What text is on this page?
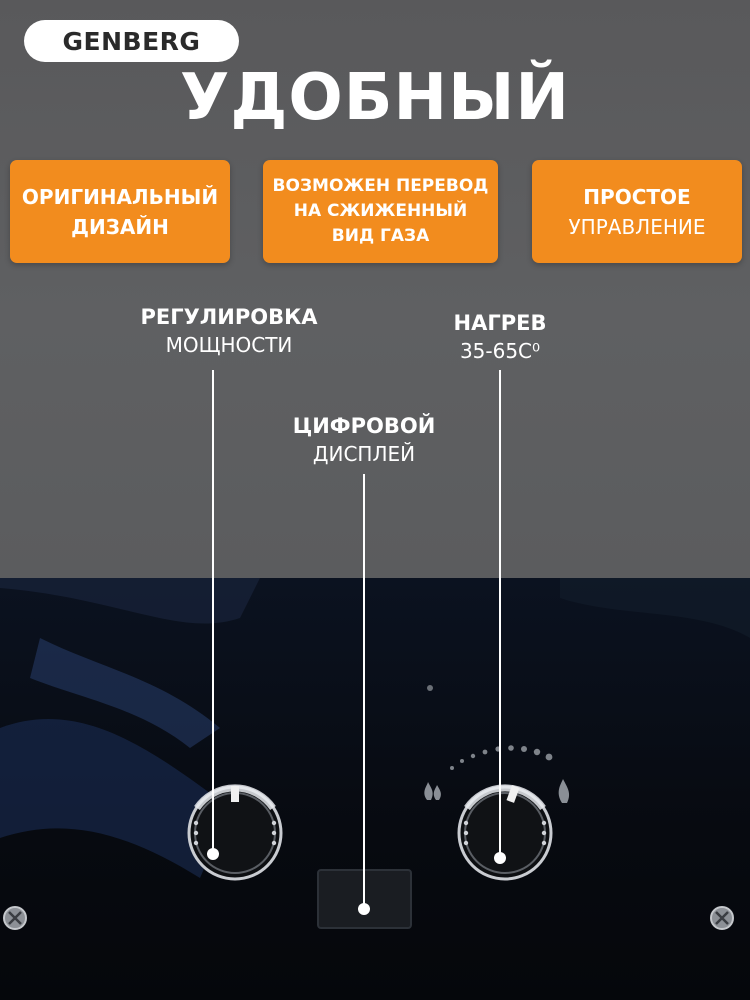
GENBERG
УДОБНЫЙ
ОРИГИНАЛЬНЫЙ
ДИЗАЙН
ВОЗМОЖЕН ПЕРЕВОД
НА СЖИЖЕННЫЙ
ВИД ГАЗА
ПРОСТОЕ
УПРАВЛЕНИЕ
РЕГУЛИРОВКА
МОЩНОСТИ
НАГРЕВ
35-65С⁰
ЦИФРОВОЙ
ДИСПЛЕЙ
